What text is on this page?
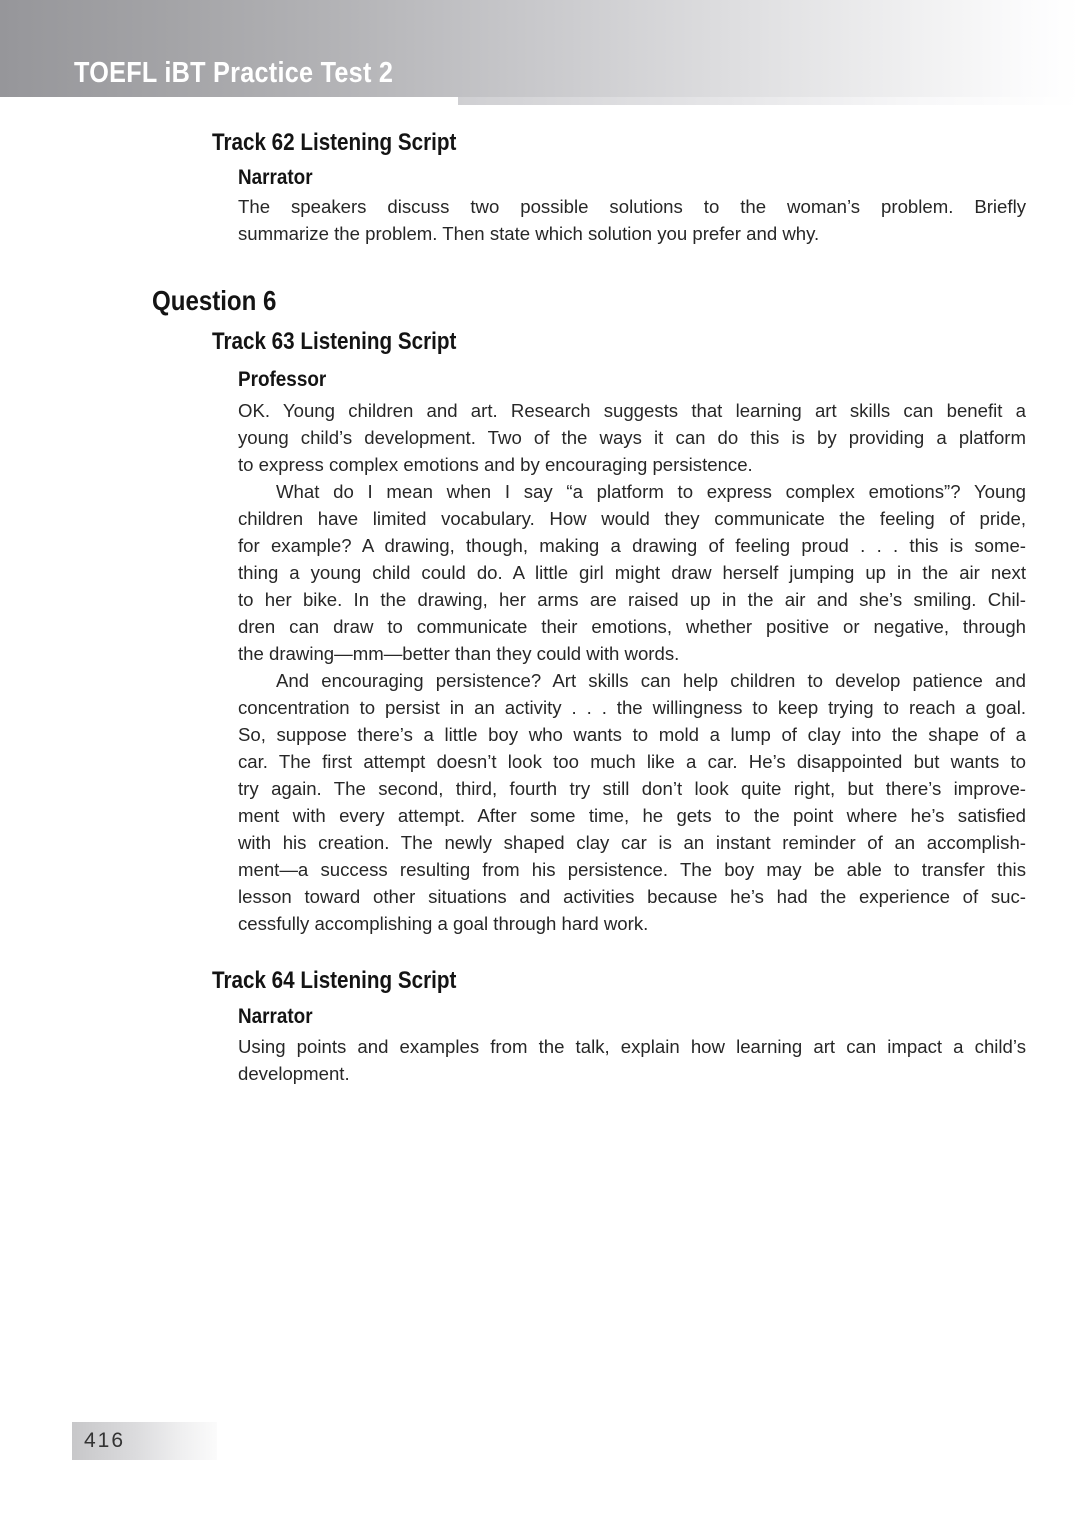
TOEFL iBT Practice Test 2
Track 62 Listening Script
Narrator
The speakers discuss two possible solutions to the woman’s problem. Briefly
summarize the problem. Then state which solution you prefer and why.
Question 6
Track 63 Listening Script
Professor
OK. Young children and art. Research suggests that learning art skills can benefit a
young child’s development. Two of the ways it can do this is by providing a platform
to express complex emotions and by encouraging persistence.
What do I mean when I say “a platform to express complex emotions”? Young
children have limited vocabulary. How would they communicate the feeling of pride,
for example? A drawing, though, making a drawing of feeling proud . . . this is some-
thing a young child could do. A little girl might draw herself jumping up in the air next
to her bike. In the drawing, her arms are raised up in the air and she’s smiling. Chil-
dren can draw to communicate their emotions, whether positive or negative, through
the drawing—mm—better than they could with words.
And encouraging persistence? Art skills can help children to develop patience and
concentration to persist in an activity . . . the willingness to keep trying to reach a goal.
So, suppose there’s a little boy who wants to mold a lump of clay into the shape of a
car. The first attempt doesn’t look too much like a car. He’s disappointed but wants to
try again. The second, third, fourth try still don’t look quite right, but there’s improve-
ment with every attempt. After some time, he gets to the point where he’s satisfied
with his creation. The newly shaped clay car is an instant reminder of an accomplish-
ment—a success resulting from his persistence. The boy may be able to transfer this
lesson toward other situations and activities because he’s had the experience of suc-
cessfully accomplishing a goal through hard work.
Track 64 Listening Script
Narrator
Using points and examples from the talk, explain how learning art can impact a child’s
development.
416
